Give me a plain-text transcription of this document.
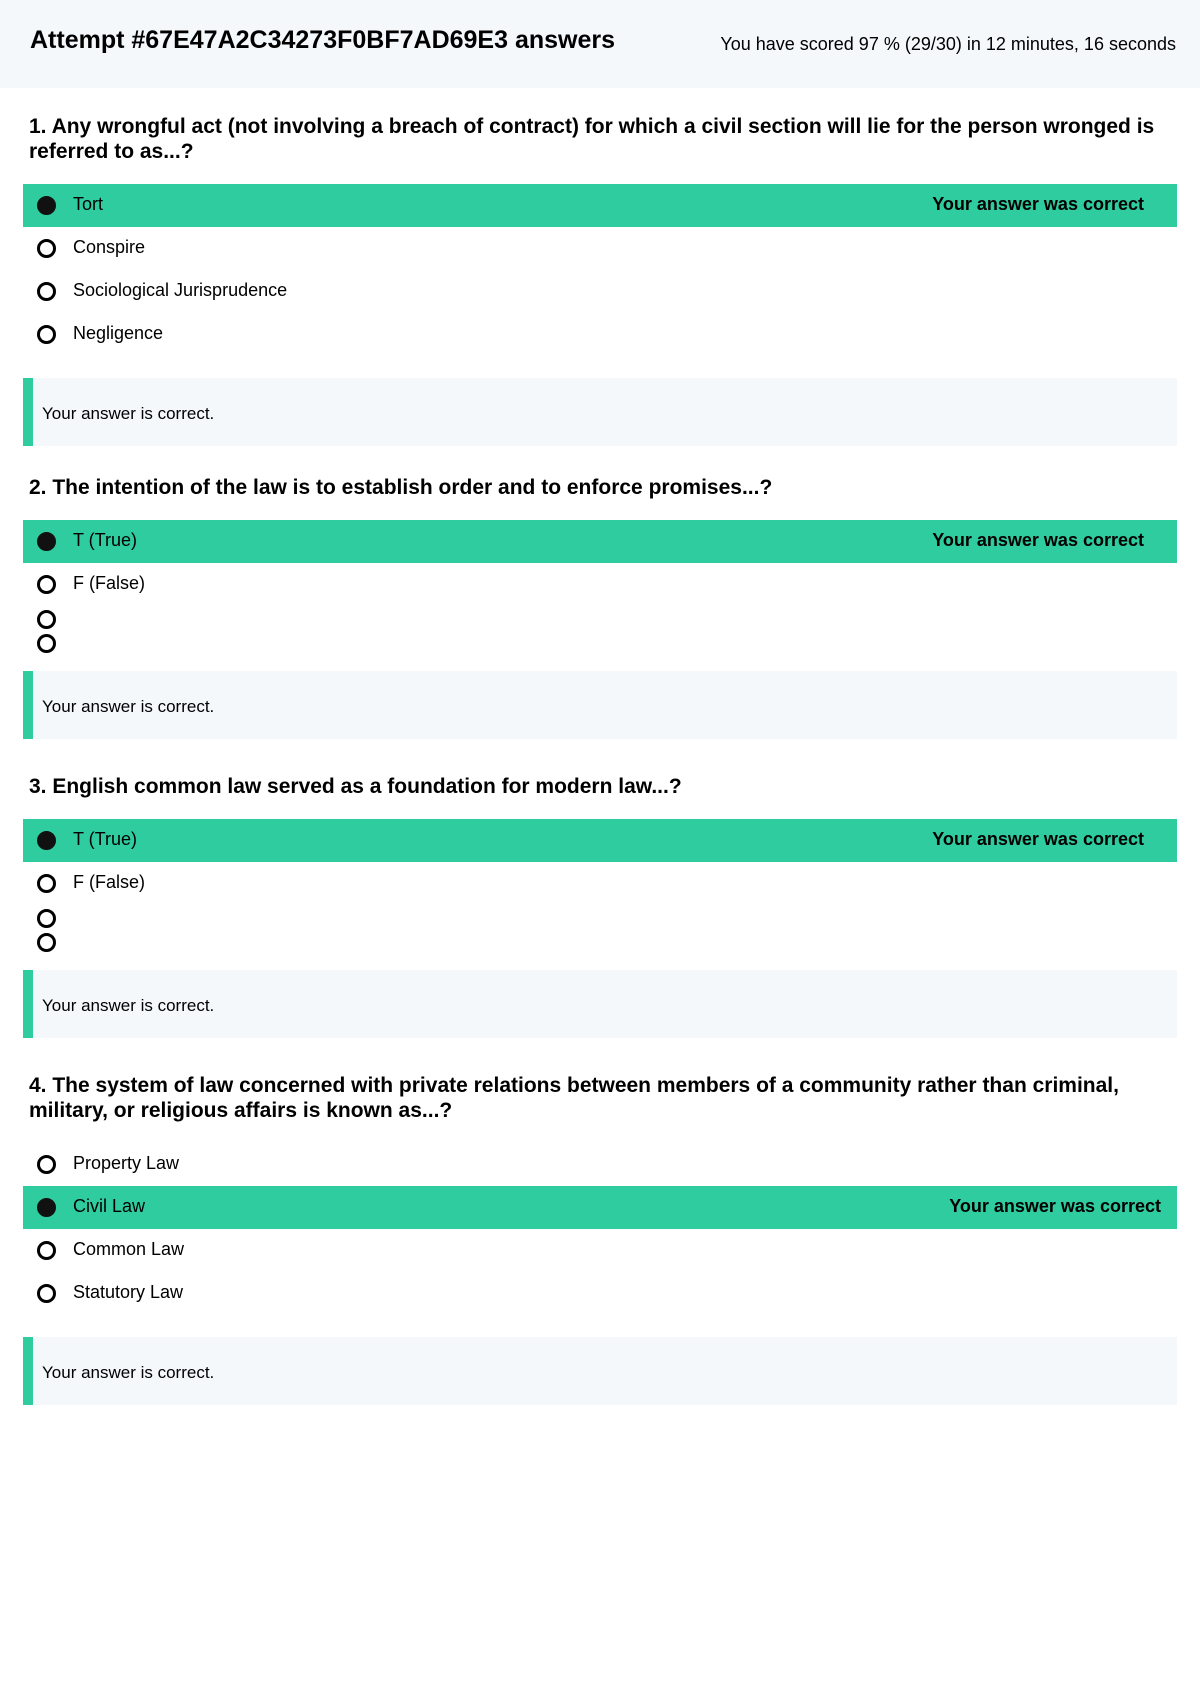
Attempt #67E47A2C34273F0BF7AD69E3 answers	You have scored 97 % (29/30) in 12 minutes, 16 seconds
1. Any wrongful act (not involving a breach of contract) for which a civil section will lie for the person wronged is referred to as...?
Tort	Your answer was correct
Conspire
Sociological Jurisprudence
Negligence
Your answer is correct.
2. The intention of the law is to establish order and to enforce promises...?
T (True)	Your answer was correct
F (False)
Your answer is correct.
3. English common law served as a foundation for modern law...?
T (True)	Your answer was correct
F (False)
Your answer is correct.
4. The system of law concerned with private relations between members of a community rather than criminal, military, or religious affairs is known as...?
Property Law
Civil Law	Your answer was correct
Common Law
Statutory Law
Your answer is correct.
